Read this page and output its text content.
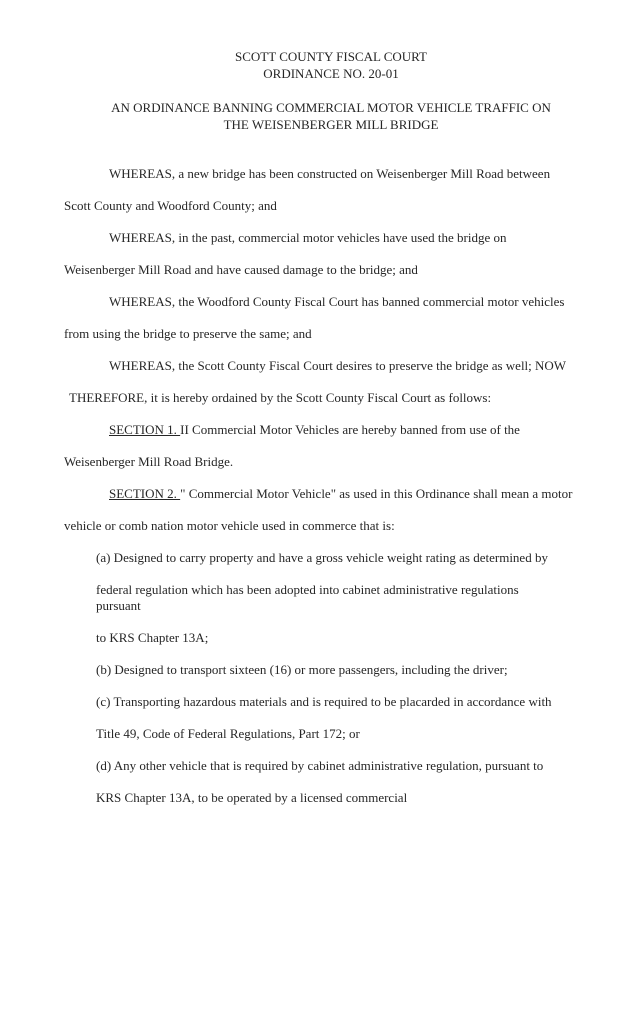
SCOTT COUNTY FISCAL COURT
ORDINANCE NO. 20-01
AN ORDINANCE BANNING COMMERCIAL MOTOR VEHICLE TRAFFIC ON
THE WEISENBERGER MILL BRIDGE
WHEREAS, a new bridge has been constructed on Weisenberger Mill Road between
Scott County and Woodford County; and
WHEREAS, in the past, commercial motor vehicles have used the bridge on
Weisenberger Mill Road and have caused damage to the bridge; and
WHEREAS, the Woodford County Fiscal Court has banned commercial motor vehicles
from using the bridge to preserve the same; and
WHEREAS, the Scott County Fiscal Court desires to preserve the bridge as well; NOW
THEREFORE, it is hereby ordained by the Scott County Fiscal Court as follows:
SECTION 1. II Commercial Motor Vehicles are hereby banned from use of the
Weisenberger Mill Road Bridge.
SECTION 2. " Commercial Motor Vehicle" as used in this Ordinance shall mean a motor
vehicle or comb nation motor vehicle used in commerce that is:
(a) Designed to carry property and have a gross vehicle weight rating as determined by
federal regulation which has been adopted into cabinet administrative regulations
pursuant
to KRS Chapter 13A;
(b) Designed to transport sixteen (16) or more passengers, including the driver;
(c) Transporting hazardous materials and is required to be placarded in accordance with
Title 49, Code of Federal Regulations, Part 172; or
(d) Any other vehicle that is required by cabinet administrative regulation, pursuant to
KRS Chapter 13A, to be operated by a licensed commercial
